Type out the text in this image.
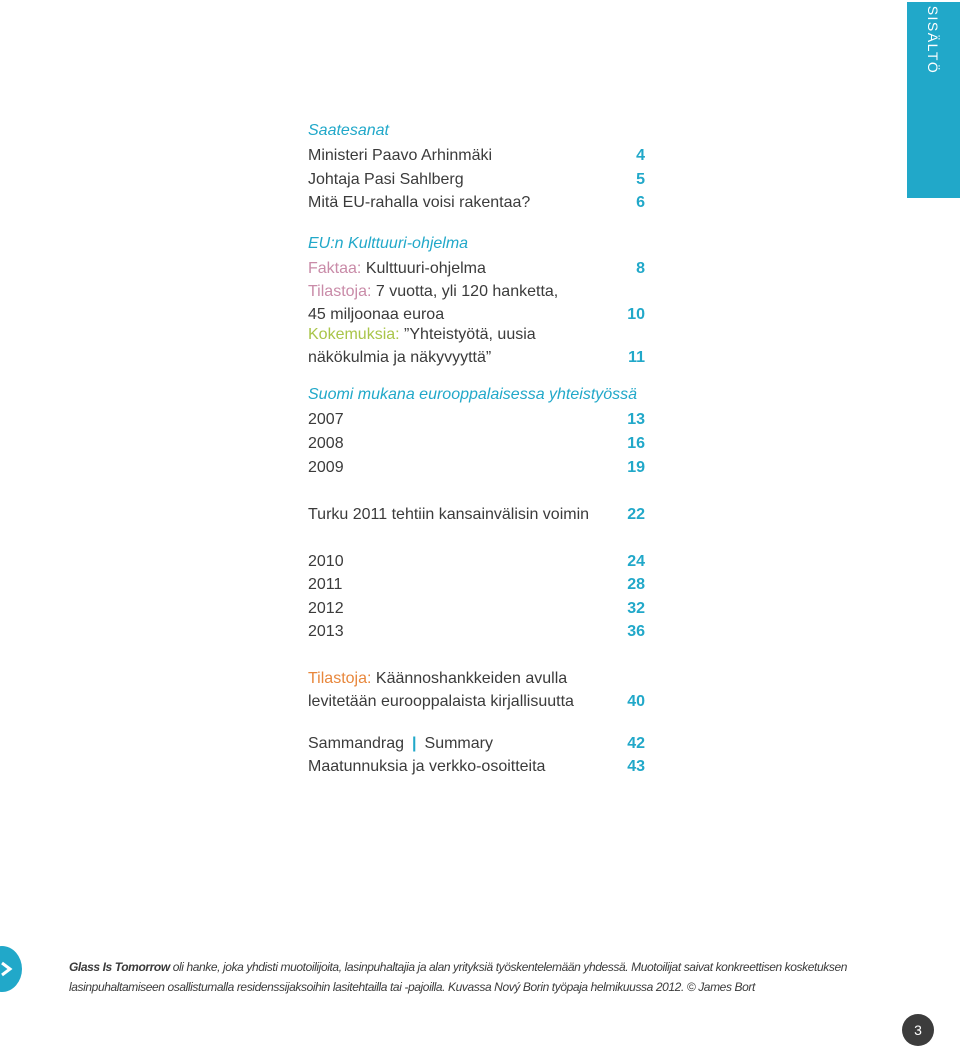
SISÄLTÖ
Saatesanat
Ministeri Paavo Arhinmäki	4
Johtaja Pasi Sahlberg	5
Mitä EU-rahalla voisi rakentaa?	6
EU:n Kulttuuri-ohjelma
Faktaa: Kulttuuri-ohjelma	8
Tilastoja: 7 vuotta, yli 120 hanketta, 45 miljoonaa euroa	10
Kokemuksia: ”Yhteistyötä, uusia näkökulmia ja näkyvyyttä”	11
Suomi mukana eurooppalaisessa yhteistyössä
2007	13
2008	16
2009	19
Turku 2011 tehtiin kansainvälisin voimin	22
2010	24
2011	28
2012	32
2013	36
Tilastoja: Käännoshankkeiden avulla levitetään eurooppalaista kirjallisuutta	40
Sammandrag | Summary	42
Maatunnuksia ja verkko-osoitteita	43
Glass Is Tomorrow oli hanke, joka yhdisti muotoilijoita, lasinpuhaltajia ja alan yrityksiä työskentelemään yhdessä. Muotoilijat saivat konkreettisen kosketuksen lasinpuhaltamiseen osallistumalla residenssijaksoihin lasitehtailla tai -pajoilla. Kuvassa Nový Borin työpaja helmikuussa 2012. © James Bort
3
